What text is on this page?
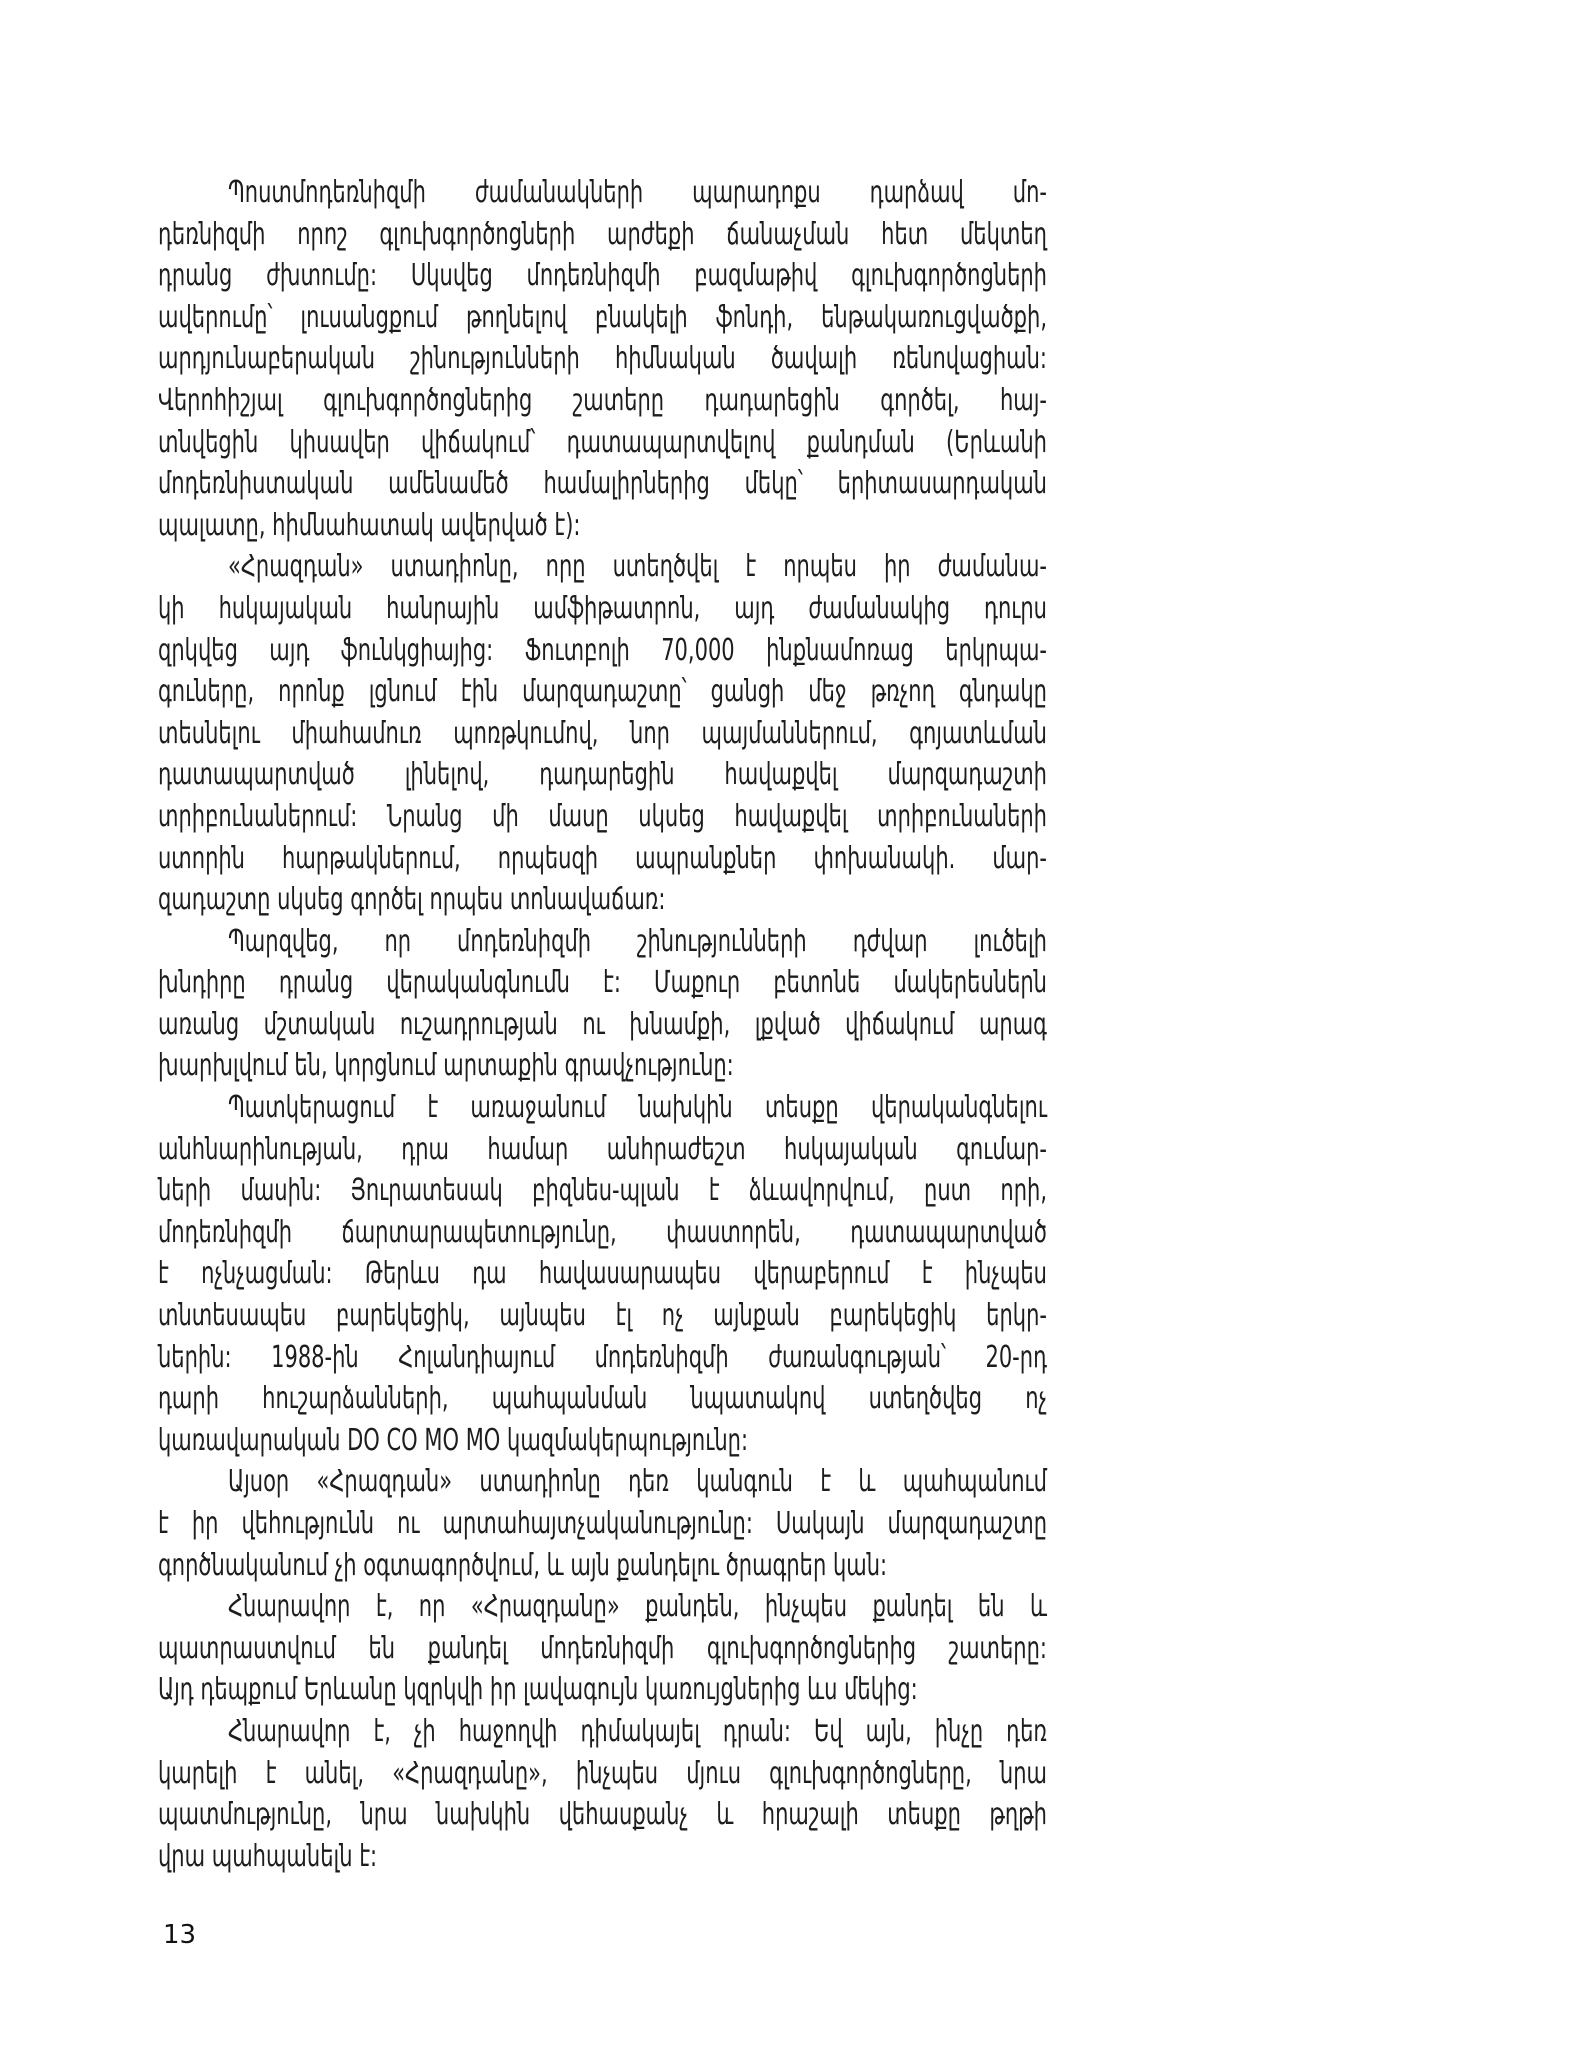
Պոստմոդեռնիզմի ժամանակների պարադոքս դարձավ մո-
դեռնիզմի որոշ գլուխգործոցների արժեքի ճանաչման հետ մեկտեղ
դրանց ժխտումը: Սկսվեց մոդեռնիզմի բազմաթիվ գլուխգործոցների
ավերումը՝ լուսանցքում թողնելով բնակելի ֆոնդի, ենթակառուցվածքի,
արդյունաբերական շինությունների հիմնական ծավալի ռենովացիան:
Վերոհիշյալ գլուխգործոցներից շատերը դադարեցին գործել, հայ-
տնվեցին կիսավեր վիճակում՝ դատապարտվելով քանդման (Երևանի
մոդեռնիստական ամենամեծ համալիրներից մեկը՝ երիտասարդական
պալատը, հիմնահատակ ավերված է):
«Հրազդան» ստադիոնը, որը ստեղծվել է որպես իր ժամանա-
կի հսկայական հանրային ամֆիթատրոն, այդ ժամանակից դուրս
զրկվեց այդ ֆունկցիայից: Ֆուտբոլի 70,000 ինքնամոռաց երկրպա-
գուները, որոնք լցնում էին մարզադաշտը՝ ցանցի մեջ թռչող գնդակը
տեսնելու միահամուռ պոռթկումով, նոր պայմաններում, գոյատևման
դատապարտված լինելով, դադարեցին հավաքվել մարզադաշտի
տրիբունաներում: Նրանց մի մասը սկսեց հավաքվել տրիբունաների
ստորին հարթակներում, որպեսզի ապրանքներ փոխանակի. մար-
զադաշտը սկսեց գործել որպես տոնավաճառ:
Պարզվեց, որ մոդեռնիզմի շինությունների դժվար լուծելի
խնդիրը դրանց վերականգնումն է: Մաքուր բետոնե մակերեսներն
առանց մշտական ուշադրության ու խնամքի, լքված վիճակում արագ
խարխլվում են, կորցնում արտաքին գրավչությունը:
Պատկերացում է առաջանում նախկին տեսքը վերականգնելու
անհնարինության, դրա համար անհրաժեշտ հսկայական գումար-
ների մասին: Յուրատեսակ բիզնես-պլան է ձևավորվում, ըստ որի,
մոդեռնիզմի ճարտարապետությունը, փաստորեն, դատապարտված
է ոչնչացման: Թերևս դա հավասարապես վերաբերում է ինչպես
տնտեսապես բարեկեցիկ, այնպես էլ ոչ այնքան բարեկեցիկ երկր-
ներին: 1988-ին Հոլանդիայում մոդեռնիզմի ժառանգության՝ 20-րդ
դարի հուշարձանների, պահպանման նպատակով ստեղծվեց ոչ
կառավարական DO CO MO MO կազմակերպությունը:
Այսօր «Հրազդան» ստադիոնը դեռ կանգուն է և պահպանում
է իր վեհությունն ու արտահայտչականությունը: Սակայն մարզադաշտը
գործնականում չի օգտագործվում, և այն քանդելու ծրագրեր կան:
Հնարավոր է, որ «Հրազդանը» քանդեն, ինչպես քանդել են և
պատրաստվում են քանդել մոդեռնիզմի գլուխգործոցներից շատերը:
Այդ դեպքում Երևանը կզրկվի իր լավագույն կառույցներից ևս մեկից:
Հնարավոր է, չի հաջողվի դիմակայել դրան: Եվ այն, ինչը դեռ
կարելի է անել, «Հրազդանը», ինչպես մյուս գլուխգործոցները, նրա
պատմությունը, նրա նախկին վեհասքանչ և հրաշալի տեսքը թղթի
վրա պահպանելն է:
13
